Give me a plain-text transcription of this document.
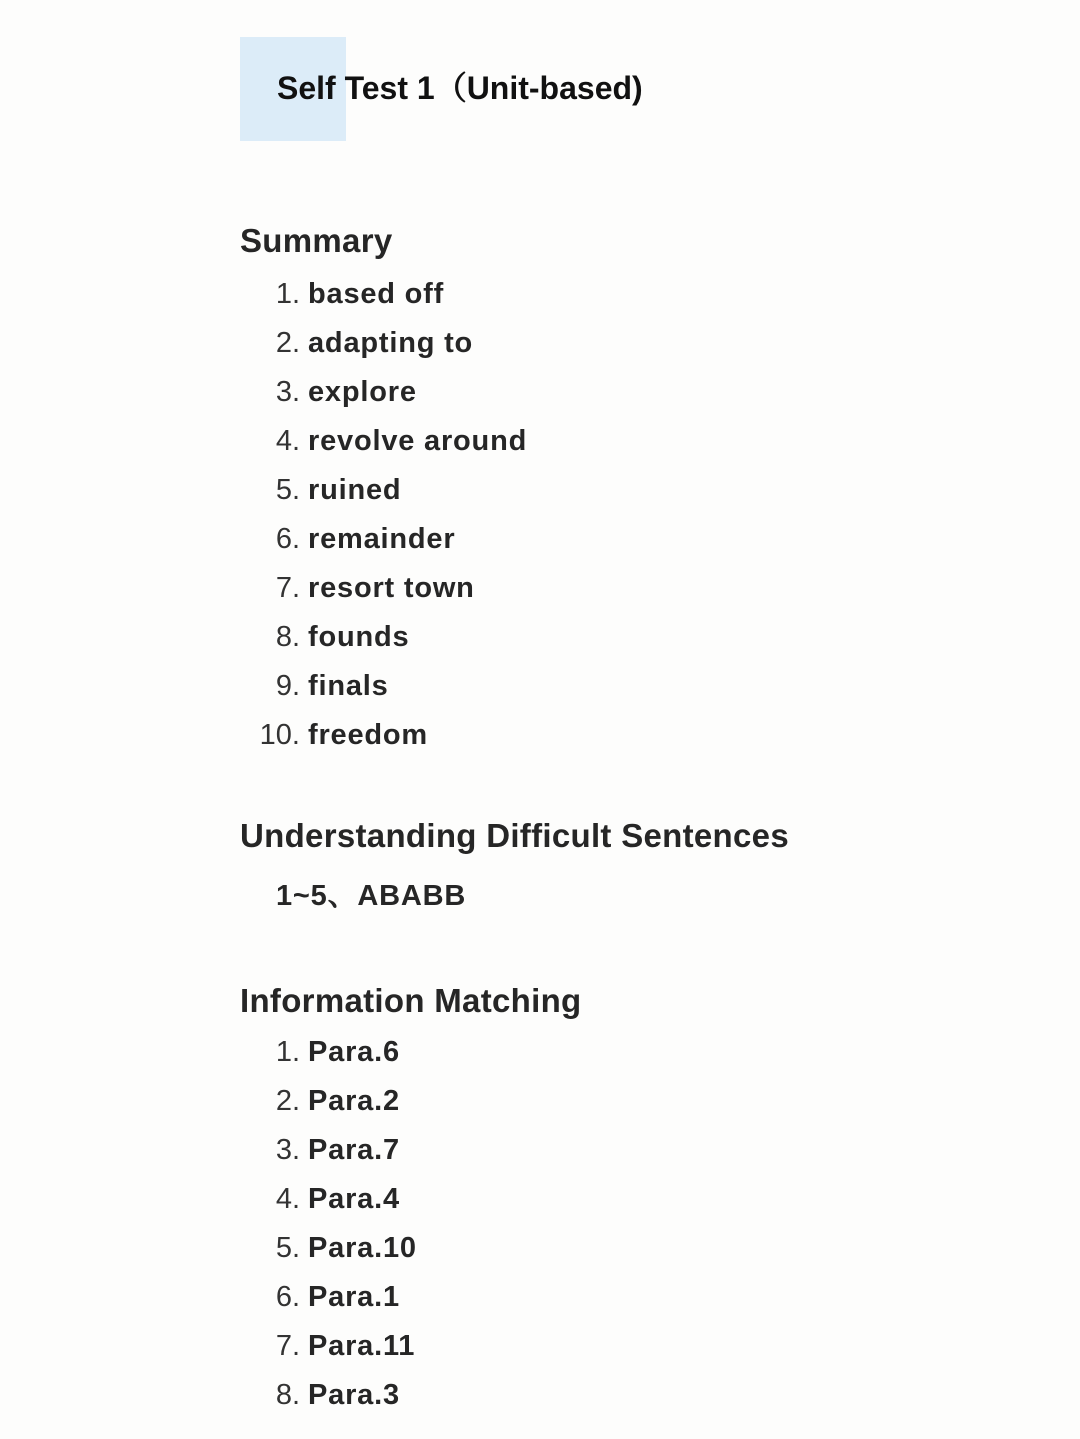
Self Test 1（Unit-based)
Summary
1. based off
2. adapting to
3. explore
4. revolve around
5. ruined
6. remainder
7. resort town
8. founds
9. finals
10. freedom
Understanding Difficult Sentences

1~5、ABABB

Information Matching
1. Para.6
2. Para.2
3. Para.7
4. Para.4
5. Para.10
6. Para.1
7. Para.11
8. Para.3
